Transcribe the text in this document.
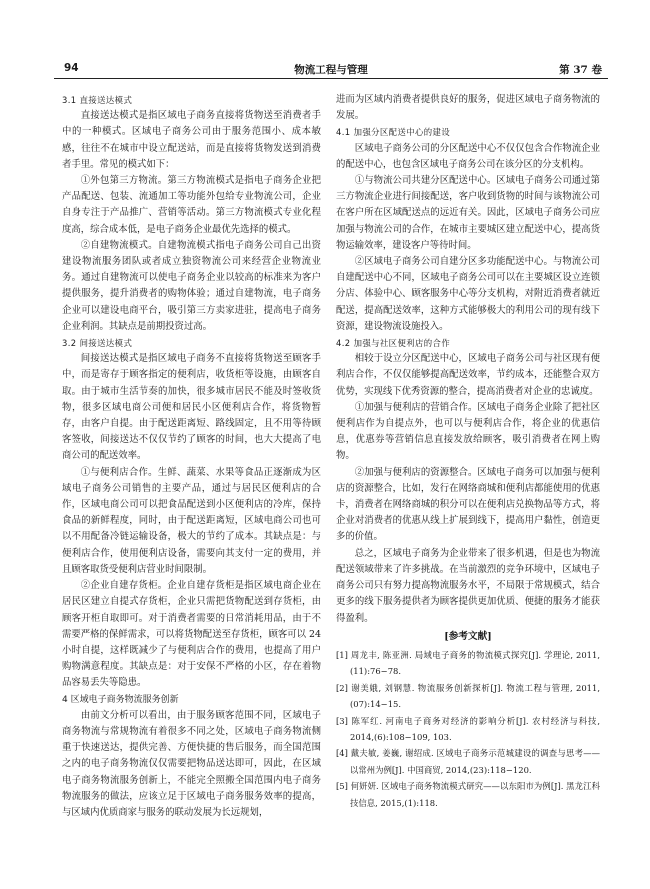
94	物流工程与管理	第 37 卷
3.1 直接送达模式

直接送达模式是指区域电子商务直接将货物送至消费者手中的一种模式。区域电子商务公司由于服务范围小、成本敏感，往往不在城市中设立配送站，而是直接将货物发送到消费者手里。常见的模式如下：

①外包第三方物流。第三方物流模式是指电子商务企业把产品配送、包装、流通加工等功能外包给专业物流公司，企业自身专注于产品推广、营销等活动。第三方物流模式专业化程度高，综合成本低，是电子商务企业最优先选择的模式。

②自建物流模式。自建物流模式指电子商务公司自己出资建设物流服务团队或者成立独资物流公司来经营企业物流业务。通过自建物流可以使电子商务企业以较高的标准来为客户提供服务，提升消费者的购物体验；通过自建物流，电子商务企业可以建设电商平台，吸引第三方卖家进驻，提高电子商务企业利润。其缺点是前期投资过高。

3.2 间接送达模式

间接送达模式是指区域电子商务不直接将货物送至顾客手中，而是寄存于顾客指定的便利店，收货柜等设施，由顾客自取。由于城市生活节奏的加快，很多城市居民不能及时签收货物，很多区域电商公司便和居民小区便利店合作，将货物暂存，由客户自提。由于配送距离短、路线固定，且不用等待顾客签收，间接送达不仅仅节约了顾客的时间，也大大提高了电商公司的配送效率。

①与便利店合作。生鲜、蔬菜、水果等食品正逐渐成为区域电子商务公司销售的主要产品，通过与居民区便利店的合作，区域电商公司可以把食品配送到小区便利店的冷库，保持食品的新鲜程度，同时，由于配送距离短，区域电商公司也可以不用配备冷链运输设备，极大的节约了成本。其缺点是：与便利店合作，使用便利店设备，需要向其支付一定的费用，并且顾客取货受便利店营业时间限制。

②企业自建存货柜。企业自建存货柜是指区域电商企业在居民区建立自提式存货柜，企业只需把货物配送到存货柜，由顾客开柜自取即可。对于消费者需要的日常消耗用品，由于不需要严格的保鲜需求，可以将货物配送至存货柜，顾客可以 24 小时自提，这样既减少了与便利店合作的费用，也提高了用户购物满意程度。其缺点是：对于安保不严格的小区，存在着物品容易丢失等隐患。

4 区域电子商务物流服务创新

由前文分析可以看出，由于服务顾客范围不同，区域电子商务物流与常规物流有着很多不同之处，区域电子商务物流侧重于快速送达，提供完善、方便快捷的售后服务，而全国范围之内的电子商务物流仅仅需要把物品送达即可，因此，在区域电子商务物流服务创新上，不能完全照搬全国范围内电子商务物流服务的做法，应该立足于区域电子商务服务效率的提高，与区域内优质商家与服务的联动发展为长远规划，

进而为区域内消费者提供良好的服务，促进区域电子商务物流的发展。

4.1 加强分区配送中心的建设

区域电子商务公司的分区配送中心不仅仅包含合作物流企业的配送中心，也包含区域电子商务公司在该分区的分支机构。

①与物流公司共建分区配送中心。区域电子商务公司通过第三方物流企业进行间接配送，客户收到货物的时间与该物流公司在客户所在区域配送点的远近有关。因此，区域电子商务公司应加强与物流公司的合作，在城市主要城区建立配送中心，提高货物运输效率，建设客户等待时间。

②区域电子商务公司自建分区多功能配送中心。与物流公司自建配送中心不同，区域电子商务公司可以在主要城区设立连锁分店、体验中心、顾客服务中心等分支机构，对附近消费者就近配送，提高配送效率，这种方式能够极大的利用公司的现有线下资源，建设物流设施投入。

4.2 加强与社区便利店的合作

相较于设立分区配送中心，区域电子商务公司与社区现有便利店合作，不仅仅能够提高配送效率，节约成本，还能整合双方优势，实现线下优秀资源的整合，提高消费者对企业的忠诚度。

①加强与便利店的营销合作。区域电子商务企业除了把社区便利店作为自提点外，也可以与便利店合作，将企业的优惠信息，优惠券等营销信息直接发放给顾客，吸引消费者在网上购物。

②加强与便利店的资源整合。区域电子商务可以加强与便利店的资源整合，比如，发行在网络商城和便利店都能使用的优惠卡，消费者在网络商城的积分可以在便利店兑换物品等方式，将企业对消费者的优惠从线上扩展到线下，提高用户黏性，创造更多的价值。

总之，区域电子商务为企业带来了很多机遇，但是也为物流配送领域带来了许多挑战。在当前激烈的竞争环境中，区域电子商务公司只有努力提高物流服务水平，不局限于常规模式，结合更多的线下服务提供者为顾客提供更加优质、便捷的服务才能获得盈利。

[参考文献]
[1] 周龙丰, 陈亚洲. 局域电子商务的物流模式探究[J]. 学理论, 2011,(11):76−78.
[2] 谢美娥, 刘钢慧. 物流服务创新探析[J]. 物流工程与管理, 2011,(07):14−15.
[3] 陈军红. 河南电子商务对经济的影响分析[J]. 农村经济与科技, 2014,(6):108−109, 103.
[4] 戴夫敏, 姜巍, 谢绍成. 区域电子商务示范城建设的调查与思考——以常州为例[J]. 中国商贸, 2014,(23):118−120.
[5] 何妍妍. 区域电子商务物流模式研究——以东阳市为例[J]. 黑龙江科技信息, 2015,(1):118.
